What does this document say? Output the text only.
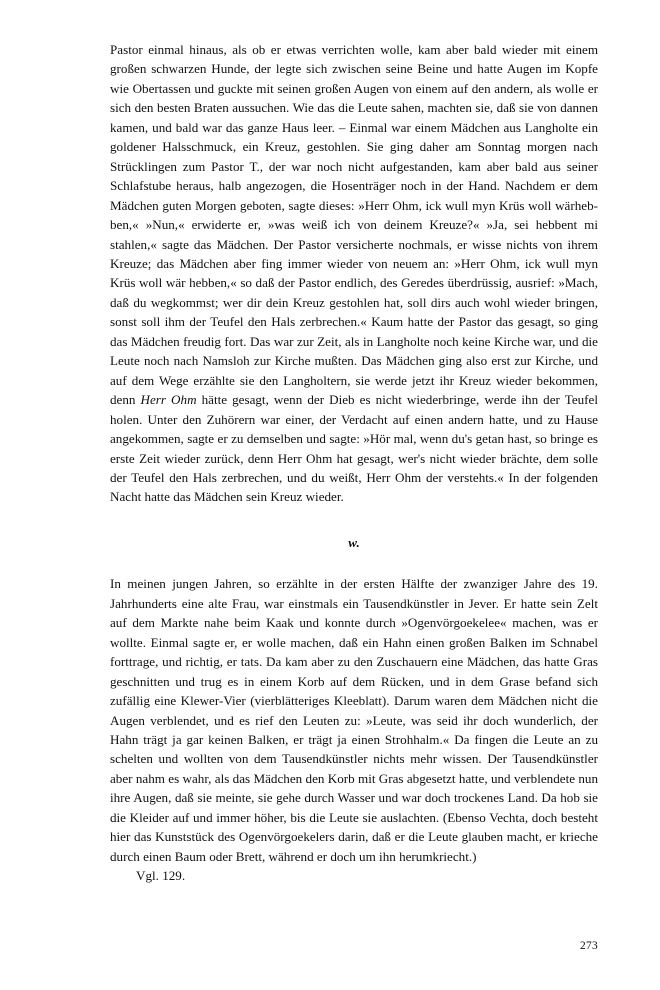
Pastor einmal hinaus, als ob er etwas verrichten wolle, kam aber bald wieder mit einem großen schwarzen Hunde, der legte sich zwischen seine Beine und hatte Augen im Kopfe wie Obertassen und guckte mit seinen großen Augen von einem auf den andern, als wolle er sich den besten Braten aussuchen. Wie das die Leute sahen, machten sie, daß sie von dannen kamen, und bald war das ganze Haus leer. – Einmal war einem Mädchen aus Langholte ein goldener Halsschmuck, ein Kreuz, gestohlen. Sie ging daher am Sonntag morgen nach Strücklingen zum Pastor T., der war noch nicht aufgestanden, kam aber bald aus seiner Schlafstube heraus, halb angezogen, die Hosenträger noch in der Hand. Nachdem er dem Mädchen guten Morgen geboten, sagte dieses: »Herr Ohm, ick wull myn Krüs woll wärhebben,« »Nun,« erwiderte er, »was weiß ich von deinem Kreuze?« »Ja, sei hebbent mi stahlen,« sagte das Mädchen. Der Pastor versicherte nochmals, er wisse nichts von ihrem Kreuze; das Mädchen aber fing immer wieder von neuem an: »Herr Ohm, ick wull myn Krüs woll wär hebben,« so daß der Pastor endlich, des Geredes überdrüssig, ausrief: »Mach, daß du wegkommst; wer dir dein Kreuz gestohlen hat, soll dirs auch wohl wieder bringen, sonst soll ihm der Teufel den Hals zerbrechen.« Kaum hatte der Pastor das gesagt, so ging das Mädchen freudig fort. Das war zur Zeit, als in Langholte noch keine Kirche war, und die Leute noch nach Namsloh zur Kirche mußten. Das Mädchen ging also erst zur Kirche, und auf dem Wege erzählte sie den Langholtern, sie werde jetzt ihr Kreuz wieder bekommen, denn Herr Ohm hätte gesagt, wenn der Dieb es nicht wiederbringe, werde ihn der Teufel holen. Unter den Zuhörern war einer, der Verdacht auf einen andern hatte, und zu Hause angekommen, sagte er zu demselben und sagte: »Hör mal, wenn du's getan hast, so bringe es erste Zeit wieder zurück, denn Herr Ohm hat gesagt, wer's nicht wieder brächte, dem solle der Teufel den Hals zerbrechen, und du weißt, Herr Ohm der verstehts.« In der folgenden Nacht hatte das Mädchen sein Kreuz wieder.

w.

In meinen jungen Jahren, so erzählte in der ersten Hälfte der zwanziger Jahre des 19. Jahrhunderts eine alte Frau, war einstmals ein Tausendkünstler in Jever. Er hatte sein Zelt auf dem Markte nahe beim Kaak und konnte durch »Ogenvörgoekelee« machen, was er wollte. Einmal sagte er, er wolle machen, daß ein Hahn einen großen Balken im Schnabel forttrage, und richtig, er tats. Da kam aber zu den Zuschauern eine Mädchen, das hatte Gras geschnitten und trug es in einem Korb auf dem Rücken, und in dem Grase befand sich zufällig eine Klewer-Vier (vierblätteriges Kleeblatt). Darum waren dem Mädchen nicht die Augen verblendet, und es rief den Leuten zu: »Leute, was seid ihr doch wunderlich, der Hahn trägt ja gar keinen Balken, er trägt ja einen Strohhalm.« Da fingen die Leute an zu schelten und wollten von dem Tausendkünstler nichts mehr wissen. Der Tausendkünstler aber nahm es wahr, als das Mädchen den Korb mit Gras abgesetzt hatte, und verblendete nun ihre Augen, daß sie meinte, sie gehe durch Wasser und war doch trockenes Land. Da hob sie die Kleider auf und immer höher, bis die Leute sie auslachten. (Ebenso Vechta, doch besteht hier das Kunststück des Ogenvörgoekelers darin, daß er die Leute glauben macht, er krieche durch einen Baum oder Brett, während er doch um ihn herumkriecht.)

Vgl. 129.

273
